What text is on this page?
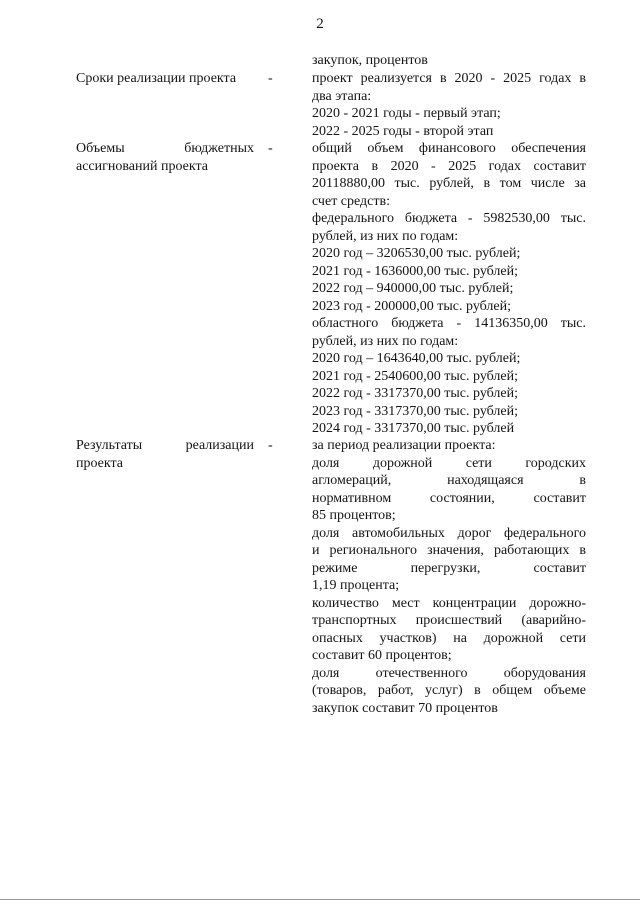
2
закупок, процентов
Сроки реализации проекта	-	проект реализуется в 2020 - 2025 годах в
два этапа:
2020 - 2021 годы - первый этап;
2022 - 2025 годы - второй этап
Объемы бюджетных
ассигнований проекта
-	общий объем финансового обеспечения
проекта в 2020 - 2025 годах составит
20118880,00 тыс. рублей, в том числе за
счет средств:
федерального бюджета - 5982530,00 тыс.
рублей, из них по годам:
2020 год – 3206530,00 тыс. рублей;
2021 год - 1636000,00 тыс. рублей;
2022 год – 940000,00 тыс. рублей;
2023 год - 200000,00 тыс. рублей;
областного бюджета - 14136350,00 тыс.
рублей, из них по годам:
2020 год – 1643640,00 тыс. рублей;
2021 год - 2540600,00 тыс. рублей;
2022 год - 3317370,00 тыс. рублей;
2023 год - 3317370,00 тыс. рублей;
2024 год - 3317370,00 тыс. рублей
Результаты реализации
проекта
-	за период реализации проекта:
доля дорожной сети городских
агломераций, находящаяся в
нормативном состоянии, составит
85 процентов;
доля автомобильных дорог федерального
и регионального значения, работающих в
режиме перегрузки, составит
1,19 процента;
количество мест концентрации дорожно-
транспортных происшествий (аварийно-
опасных участков) на дорожной сети
составит 60 процентов;
доля отечественного оборудования
(товаров, работ, услуг) в общем объеме
закупок составит 70 процентов
